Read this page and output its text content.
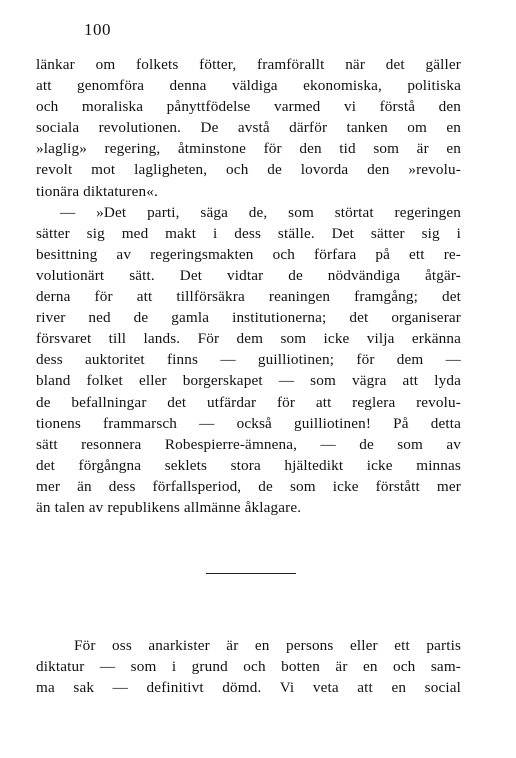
100
länkar om folkets fötter, framförallt när det gäller
att genomföra denna väldiga ekonomiska, politiska
och moraliska pånyttfödelse varmed vi förstå den
sociala revolutionen. De avstå därför tanken om en
»laglig» regering, åtminstone för den tid som är en
revolt mot lagligheten, och de lovorda den »revolu-
tionära diktaturen«.
— »Det parti, säga de, som störtat regeringen
sätter sig med makt i dess ställe. Det sätter sig i
besittning av regeringsmakten och förfara på ett re-
volutionärt sätt. Det vidtar de nödvändiga åtgär-
derna för att tillförsäkra reaningen framgång; det
river ned de gamla institutionerna; det organiserar
försvaret till lands. För dem som icke vilja erkänna
dess auktoritet finns — guilliotinen; för dem —
bland folket eller borgerskapet — som vägra att lyda
de befallningar det utfärdar för att reglera revolu-
tionens frammarsch — också guilliotinen! På detta
sätt resonnera Robespierre-ämnena, — de som av
det förgångna seklets stora hjältedikt icke minnas
mer än dess förfallsperiod, de som icke förstått mer
än talen av republikens allmänne åklagare.
För oss anarkister är en persons eller ett partis
diktatur — som i grund och botten är en och sam-
ma sak — definitivt dömd. Vi veta att en social
